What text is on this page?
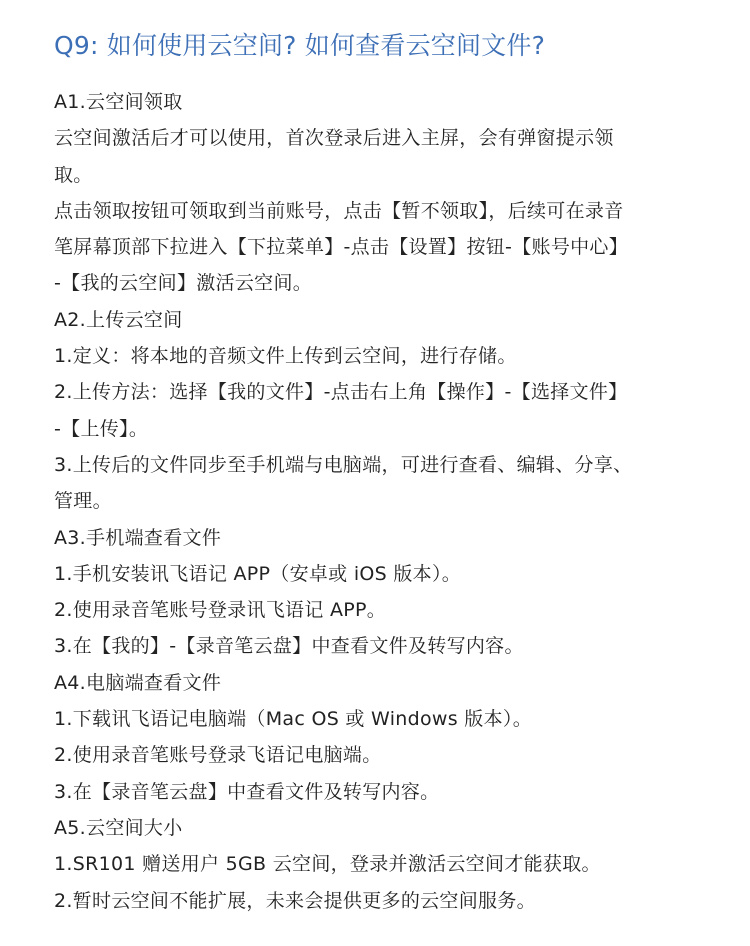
Q9: 如何使用云空间? 如何查看云空间文件?
A1.云空间领取
云空间激活后才可以使用，首次登录后进入主屏，会有弹窗提示领
取。
点击领取按钮可领取到当前账号，点击【暂不领取】，后续可在录音
笔屏幕顶部下拉进入【下拉菜单】-点击【设置】按钮-【账号中心】
-【我的云空间】激活云空间。
A2.上传云空间
1.定义：将本地的音频文件上传到云空间，进行存储。
2.上传方法：选择【我的文件】-点击右上角【操作】-【选择文件】
-【上传】。
3.上传后的文件同步至手机端与电脑端，可进行查看、编辑、分享、
管理。
A3.手机端查看文件
1.手机安装讯飞语记 APP（安卓或 iOS 版本）。
2.使用录音笔账号登录讯飞语记 APP。
3.在【我的】-【录音笔云盘】中查看文件及转写内容。
A4.电脑端查看文件
1.下载讯飞语记电脑端（Mac OS 或 Windows 版本）。
2.使用录音笔账号登录飞语记电脑端。
3.在【录音笔云盘】中查看文件及转写内容。
A5.云空间大小
1.SR101 赠送用户 5GB 云空间，登录并激活云空间才能获取。
2.暂时云空间不能扩展，未来会提供更多的云空间服务。
